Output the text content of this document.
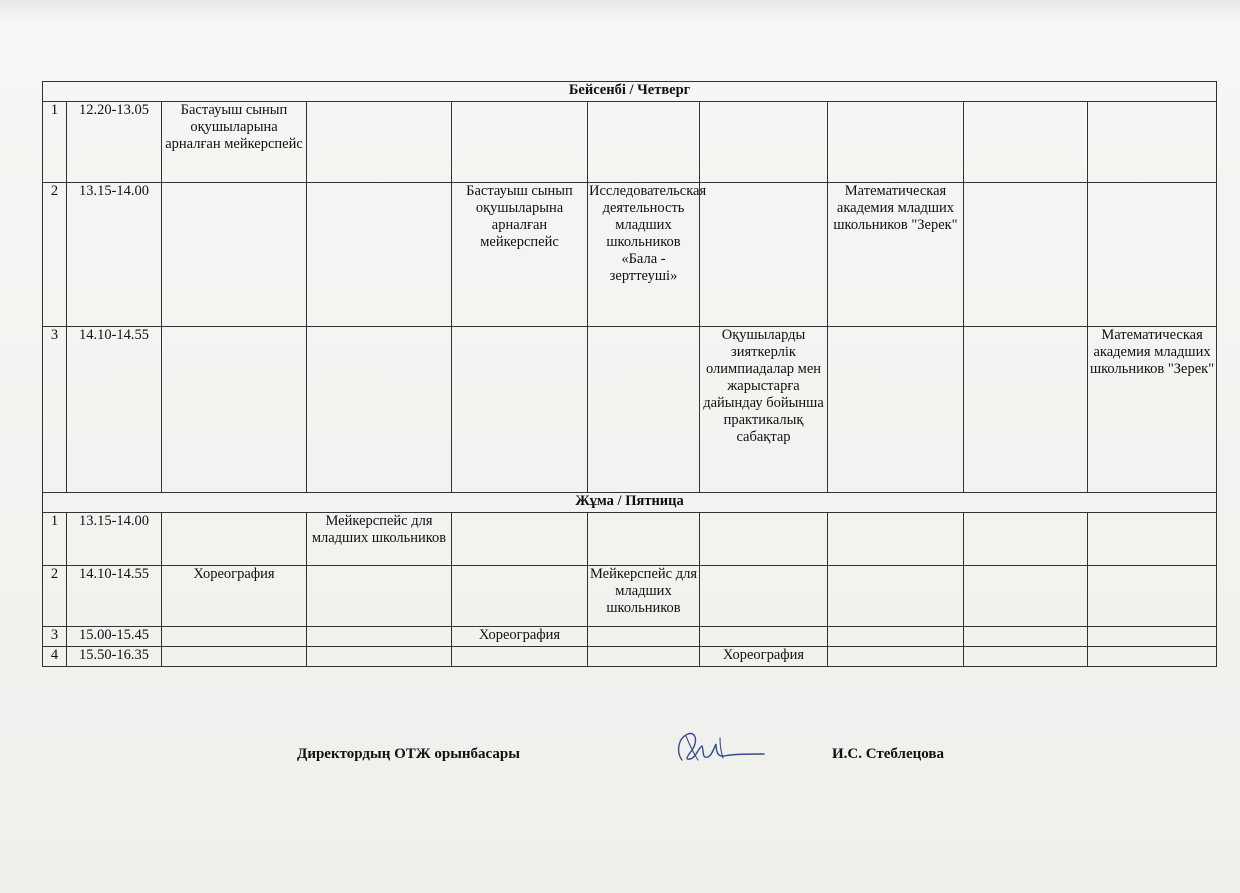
Бейсенбі / Четверг									
1	12.20-13.05	Бастауыш сынып оқушыларына арналған мейкерспейс							
2	13.15-14.00			Бастауыш сынып оқушыларына арналған мейкерспейс	Исследовательская деятельность младших школьников «Бала - зерттеуші»		Математическая академия младших школьников "Зерек"		
3	14.10-14.55					Оқушыларды зияткерлік олимпиадалар мен жарыстарға дайындау бойынша практикалық сабақтар			Математическая академия младших школьников "Зерек"
Жұма / Пятница									
1	13.15-14.00		Мейкерспейс для младших школьников						
2	14.10-14.55	Хореография			Мейкерспейс для младших школьников				
3	15.00-15.45			Хореография					
4	15.50-16.35					Хореография			
Директордың ОТЖ орынбасары	И.С. Стеблецова
